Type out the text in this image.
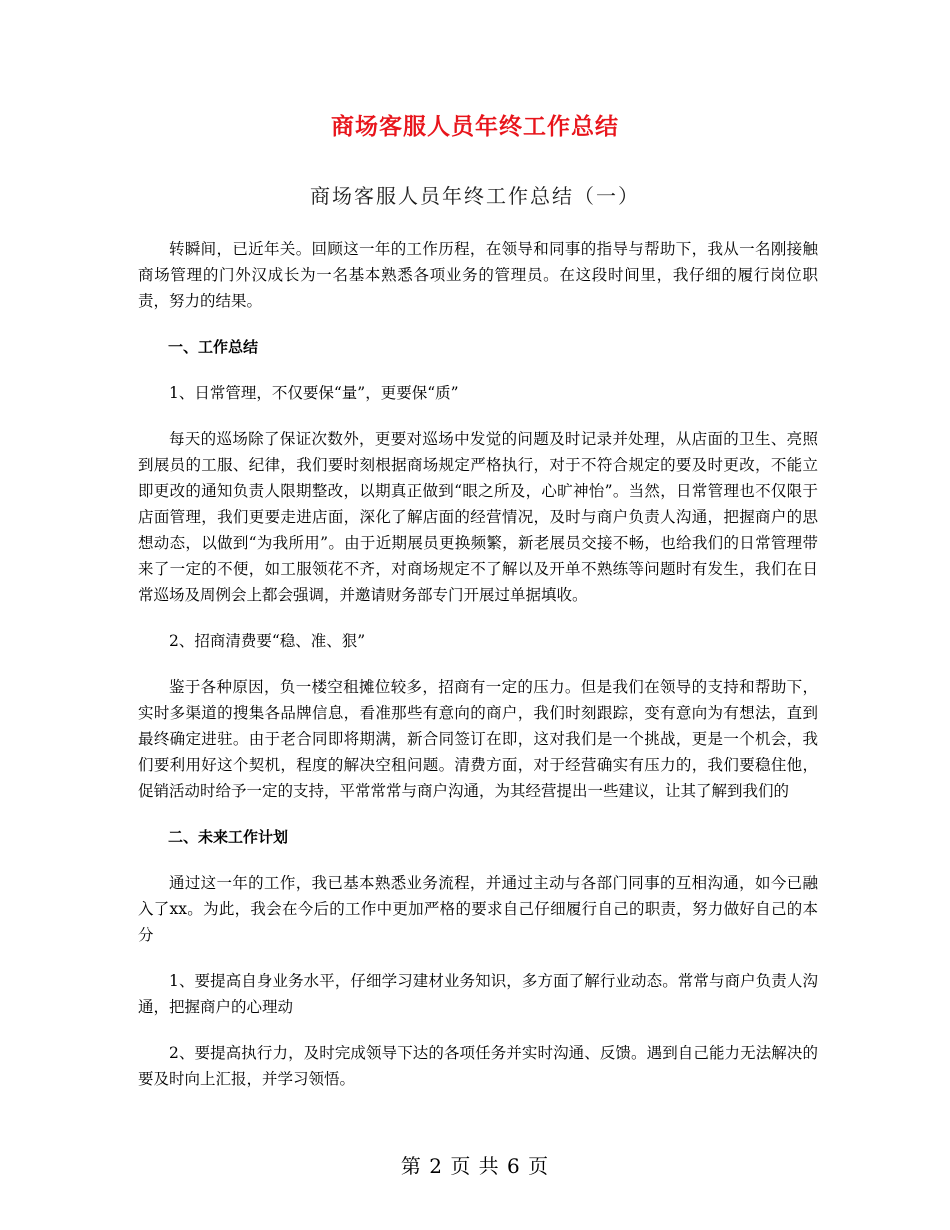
商场客服人员年终工作总结
商场客服人员年终工作总结（一）

转瞬间，已近年关。回顾这一年的工作历程，在领导和同事的指导与帮助下，我从一名刚接触商场管理的门外汉成长为一名基本熟悉各项业务的管理员。在这段时间里，我仔细的履行岗位职责，努力的结果。

一、工作总结

1、日常管理，不仅要保“量”，更要保“质”

每天的巡场除了保证次数外，更要对巡场中发觉的问题及时记录并处理，从店面的卫生、亮照到展员的工服、纪律，我们要时刻根据商场规定严格执行，对于不符合规定的要及时更改，不能立即更改的通知负责人限期整改，以期真正做到“眼之所及，心旷神怡”。当然，日常管理也不仅限于店面管理，我们更要走进店面，深化了解店面的经营情况，及时与商户负责人沟通，把握商户的思想动态，以做到“为我所用”。由于近期展员更换频繁，新老展员交接不畅，也给我们的日常管理带来了一定的不便，如工服领花不齐，对商场规定不了解以及开单不熟练等问题时有发生，我们在日常巡场及周例会上都会强调，并邀请财务部专门开展过单据填收。

2、招商清费要“稳、准、狠”

鉴于各种原因，负一楼空租摊位较多，招商有一定的压力。但是我们在领导的支持和帮助下，实时多渠道的搜集各品牌信息，看准那些有意向的商户，我们时刻跟踪，变有意向为有想法，直到最终确定进驻。由于老合同即将期满，新合同签订在即，这对我们是一个挑战，更是一个机会，我们要利用好这个契机，程度的解决空租问题。清费方面，对于经营确实有压力的，我们要稳住他，促销活动时给予一定的支持，平常常常与商户沟通，为其经营提出一些建议，让其了解到我们的

二、未来工作计划

通过这一年的工作，我已基本熟悉业务流程，并通过主动与各部门同事的互相沟通，如今已融入了xx。为此，我会在今后的工作中更加严格的要求自己仔细履行自己的职责，努力做好自己的本分

1、要提高自身业务水平，仔细学习建材业务知识，多方面了解行业动态。常常与商户负责人沟通，把握商户的心理动

2、要提高执行力，及时完成领导下达的各项任务并实时沟通、反馈。遇到自己能力无法解决的要及时向上汇报，并学习领悟。

第 2 页 共 6 页
